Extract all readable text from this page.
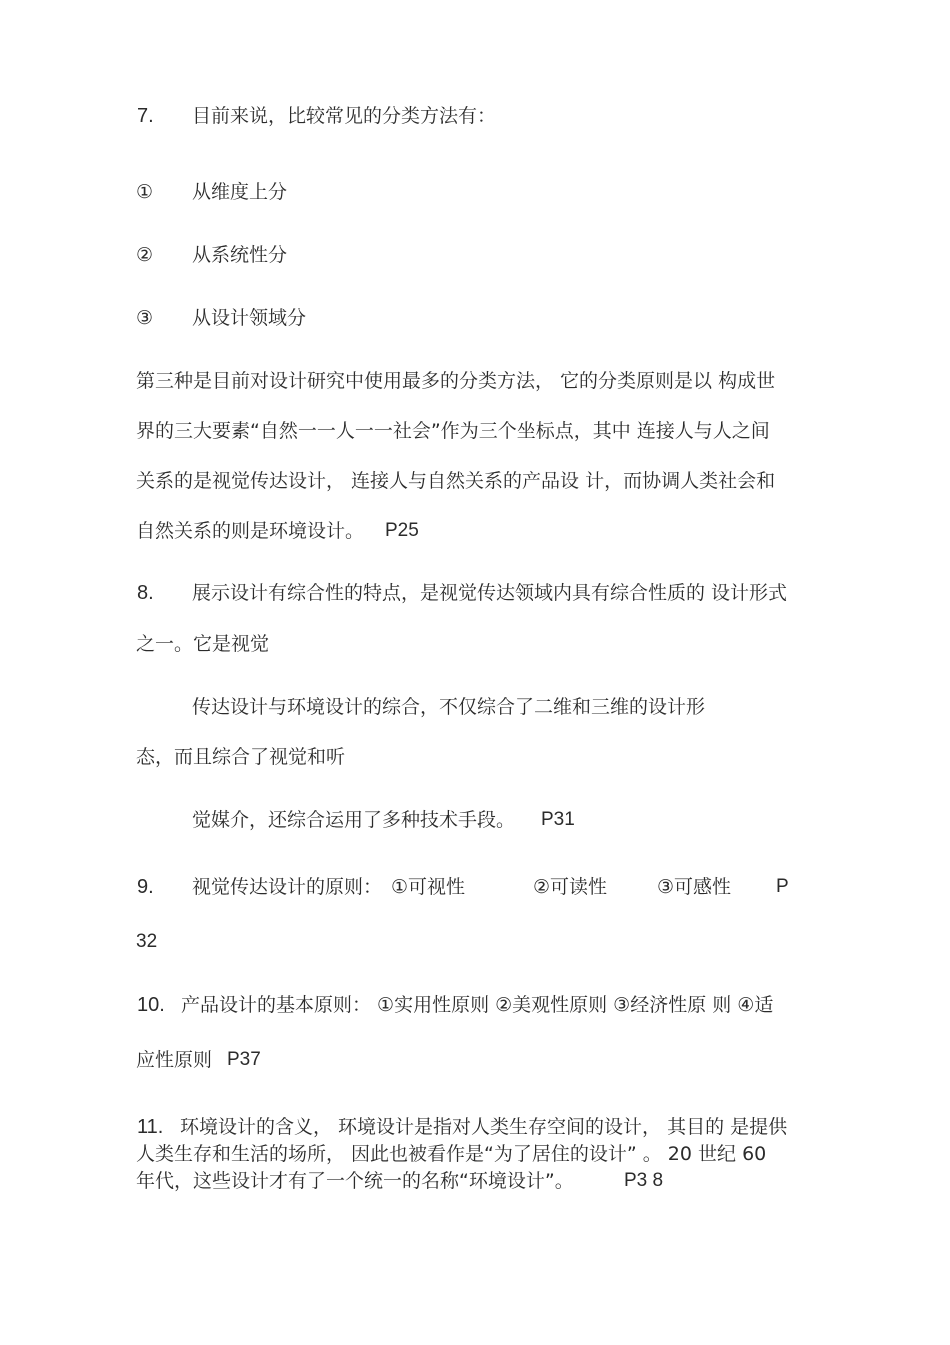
7. 目前来说，比较常见的分类方法有：
① 从维度上分
② 从系统性分
③ 从设计领域分
第三种是目前对设计研究中使用最多的分类方法， 它的分类原则是以 构成世
界的三大要素“自然一一人一一社会”作为三个坐标点，其中 连接人与人之间
关系的是视觉传达设计， 连接人与自然关系的产品设 计，而协调人类社会和
自然关系的则是环境设计。 P25
8. 展示设计有综合性的特点，是视觉传达领域内具有综合性质的 设计形式
之一。它是视觉
传达设计与环境设计的综合，不仅综合了二维和三维的设计形
态，而且综合了视觉和听
觉媒介，还综合运用了多种技术手段。 P31
9. 视觉传达设计的原则： ①可视性	②可读性	③可感性 P
32
10. 产品设计的基本原则： ①实用性原则 ②美观性原则 ③经济性原 则 ④适
应性原则 P37
11. 环境设计的含义， 环境设计是指对人类生存空间的设计， 其目的 是提供
人类生存和生活的场所， 因此也被看作是“为了居住的设计” 。 20 世纪 60
年代，这些设计才有了一个统一的名称“环境设计”。	P3 8
